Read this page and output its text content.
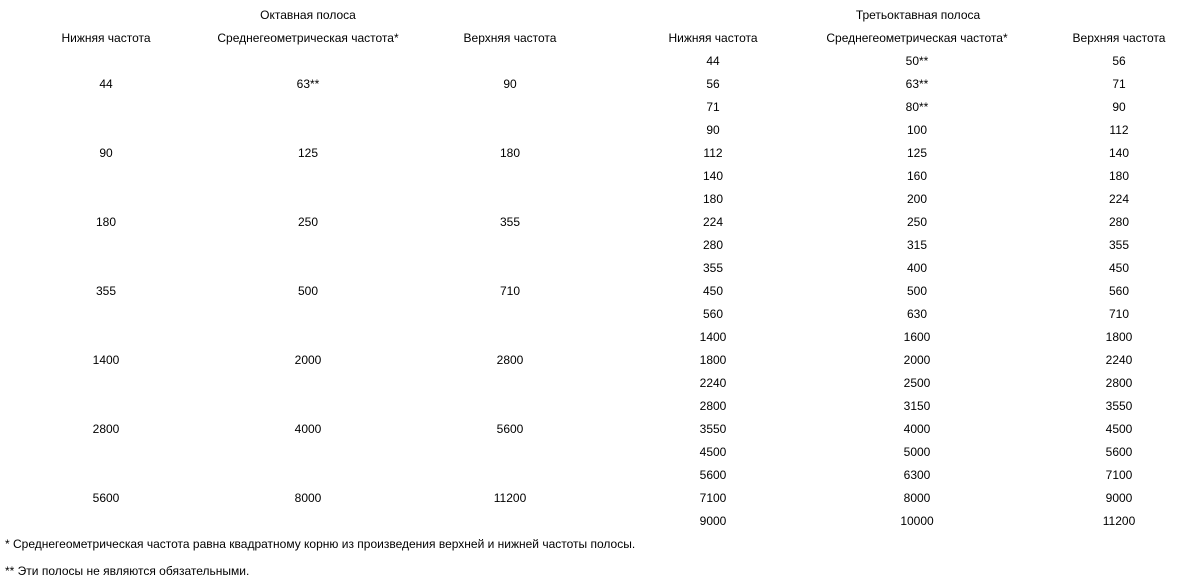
Октавная полоса	Третьоктавная полоса
Нижняя частота	Среднегеометрическая частота*	Верхняя частота	Нижняя частота	Среднегеометрическая частота*	Верхняя частота
44	63**	90
90	125	180
180	250	355
355	500	710
1400	2000	2800
2800	4000	5600
5600	8000	11200
44	50**	56
56	63**	71
71	80**	90
90	100	112
112	125	140
140	160	180
180	200	224
224	250	280
280	315	355
355	400	450
450	500	560
560	630	710
1400	1600	1800
1800	2000	2240
2240	2500	2800
2800	3150	3550
3550	4000	4500
4500	5000	5600
5600	6300	7100
7100	8000	9000
9000	10000	11200
* Среднегеометрическая частота равна квадратному корню из произведения верхней и нижней частоты полосы.
** Эти полосы не являются обязательными.
